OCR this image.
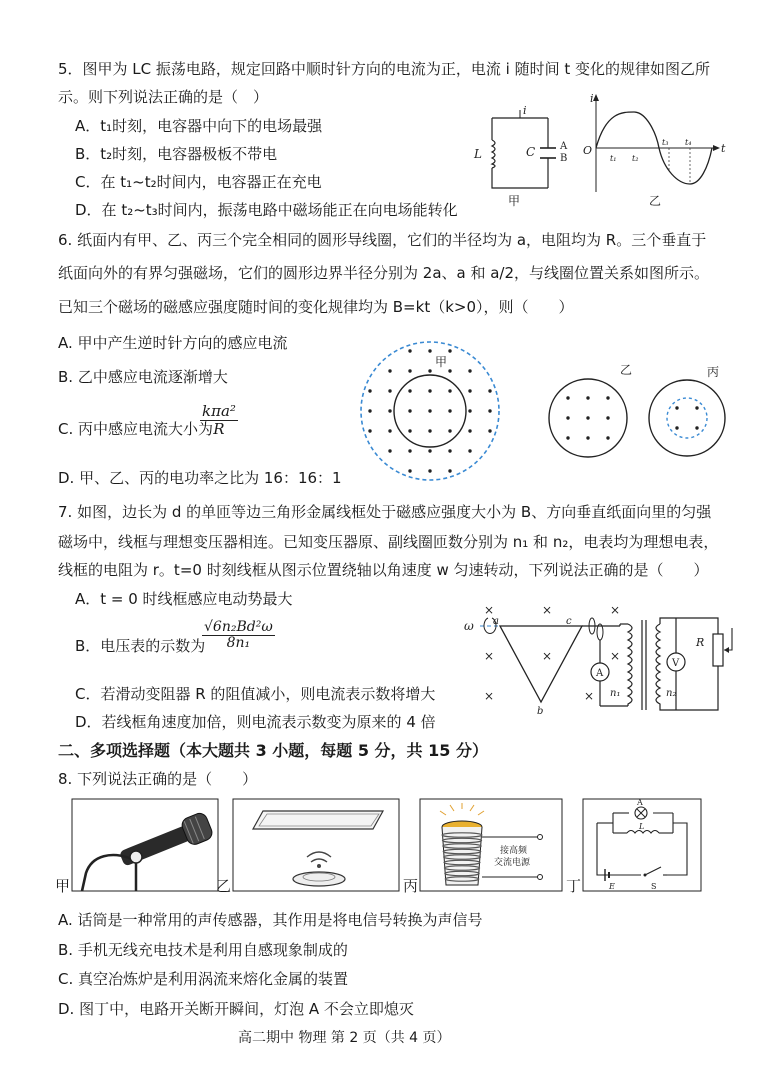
5．图甲为 LC 振荡电路，规定回路中顺时针方向的电流为正，电流 i 随时间 t 变化的规律如图乙所
示。则下列说法正确的是（　）
A．t₁时刻，电容器中向下的电场最强
B．t₂时刻，电容器极板不带电
C．在 t₁~t₂时间内，电容器正在充电
D．在 t₂~t₃时间内，振荡电路中磁场能正在向电场能转化
i
L	C A
B
甲
i
t
O
t₁ t₂
t₃ t₄
乙
6. 纸面内有甲、乙、丙三个完全相同的圆形导线圈，它们的半径均为 a，电阻均为 R。三个垂直于
纸面向外的有界匀强磁场，它们的圆形边界半径分别为 2a、a 和 a/2，与线圈位置关系如图所示。
已知三个磁场的磁感应强度随时间的变化规律均为 B=kt（k>0），则（　　）
A. 甲中产生逆时针方向的感应电流
B. 乙中感应电流逐渐增大
C. 丙中感应电流大小为
kπa²
R
D. 甲、乙、丙的电功率之比为 16：16：1
甲
乙	丙
7. 如图，边长为 d 的单匝等边三角形金属线框处于磁感应强度大小为 B、方向垂直纸面向里的匀强
磁场中，线框与理想变压器相连。已知变压器原、副线圈匝数分别为 n₁ 和 n₂，电表均为理想电表，
线框的电阻为 r。t=0 时刻线框从图示位置绕轴以角速度 w 匀速转动，下列说法正确的是（　　）
A．t = 0 时线框感应电动势最大
B．电压表的示数为
$\frac{\text{√6n₂Bd²ω}}{\text{8n₁}}$
C．若滑动变阻器 R 的阻值减小，则电流表示数将增大
D．若线框角速度加倍，则电流表示数变为原来的 4 倍
×	×	×
×	×	×
×	×
ω a	c
b
A
n₁	n₂
V
R
二、多项选择题（本大题共 3 小题，每题 5 分，共 15 分）
8. 下列说法正确的是（　　）
甲	乙
接高频
交流电源
丙
A
L
E	S
丁
A. 话筒是一种常用的声传感器，其作用是将电信号转换为声信号
B. 手机无线充电技术是利用自感现象制成的
C. 真空冶炼炉是利用涡流来熔化金属的装置
D. 图丁中，电路开关断开瞬间，灯泡 A 不会立即熄灭
高二期中 物理 第 2 页（共 4 页）
